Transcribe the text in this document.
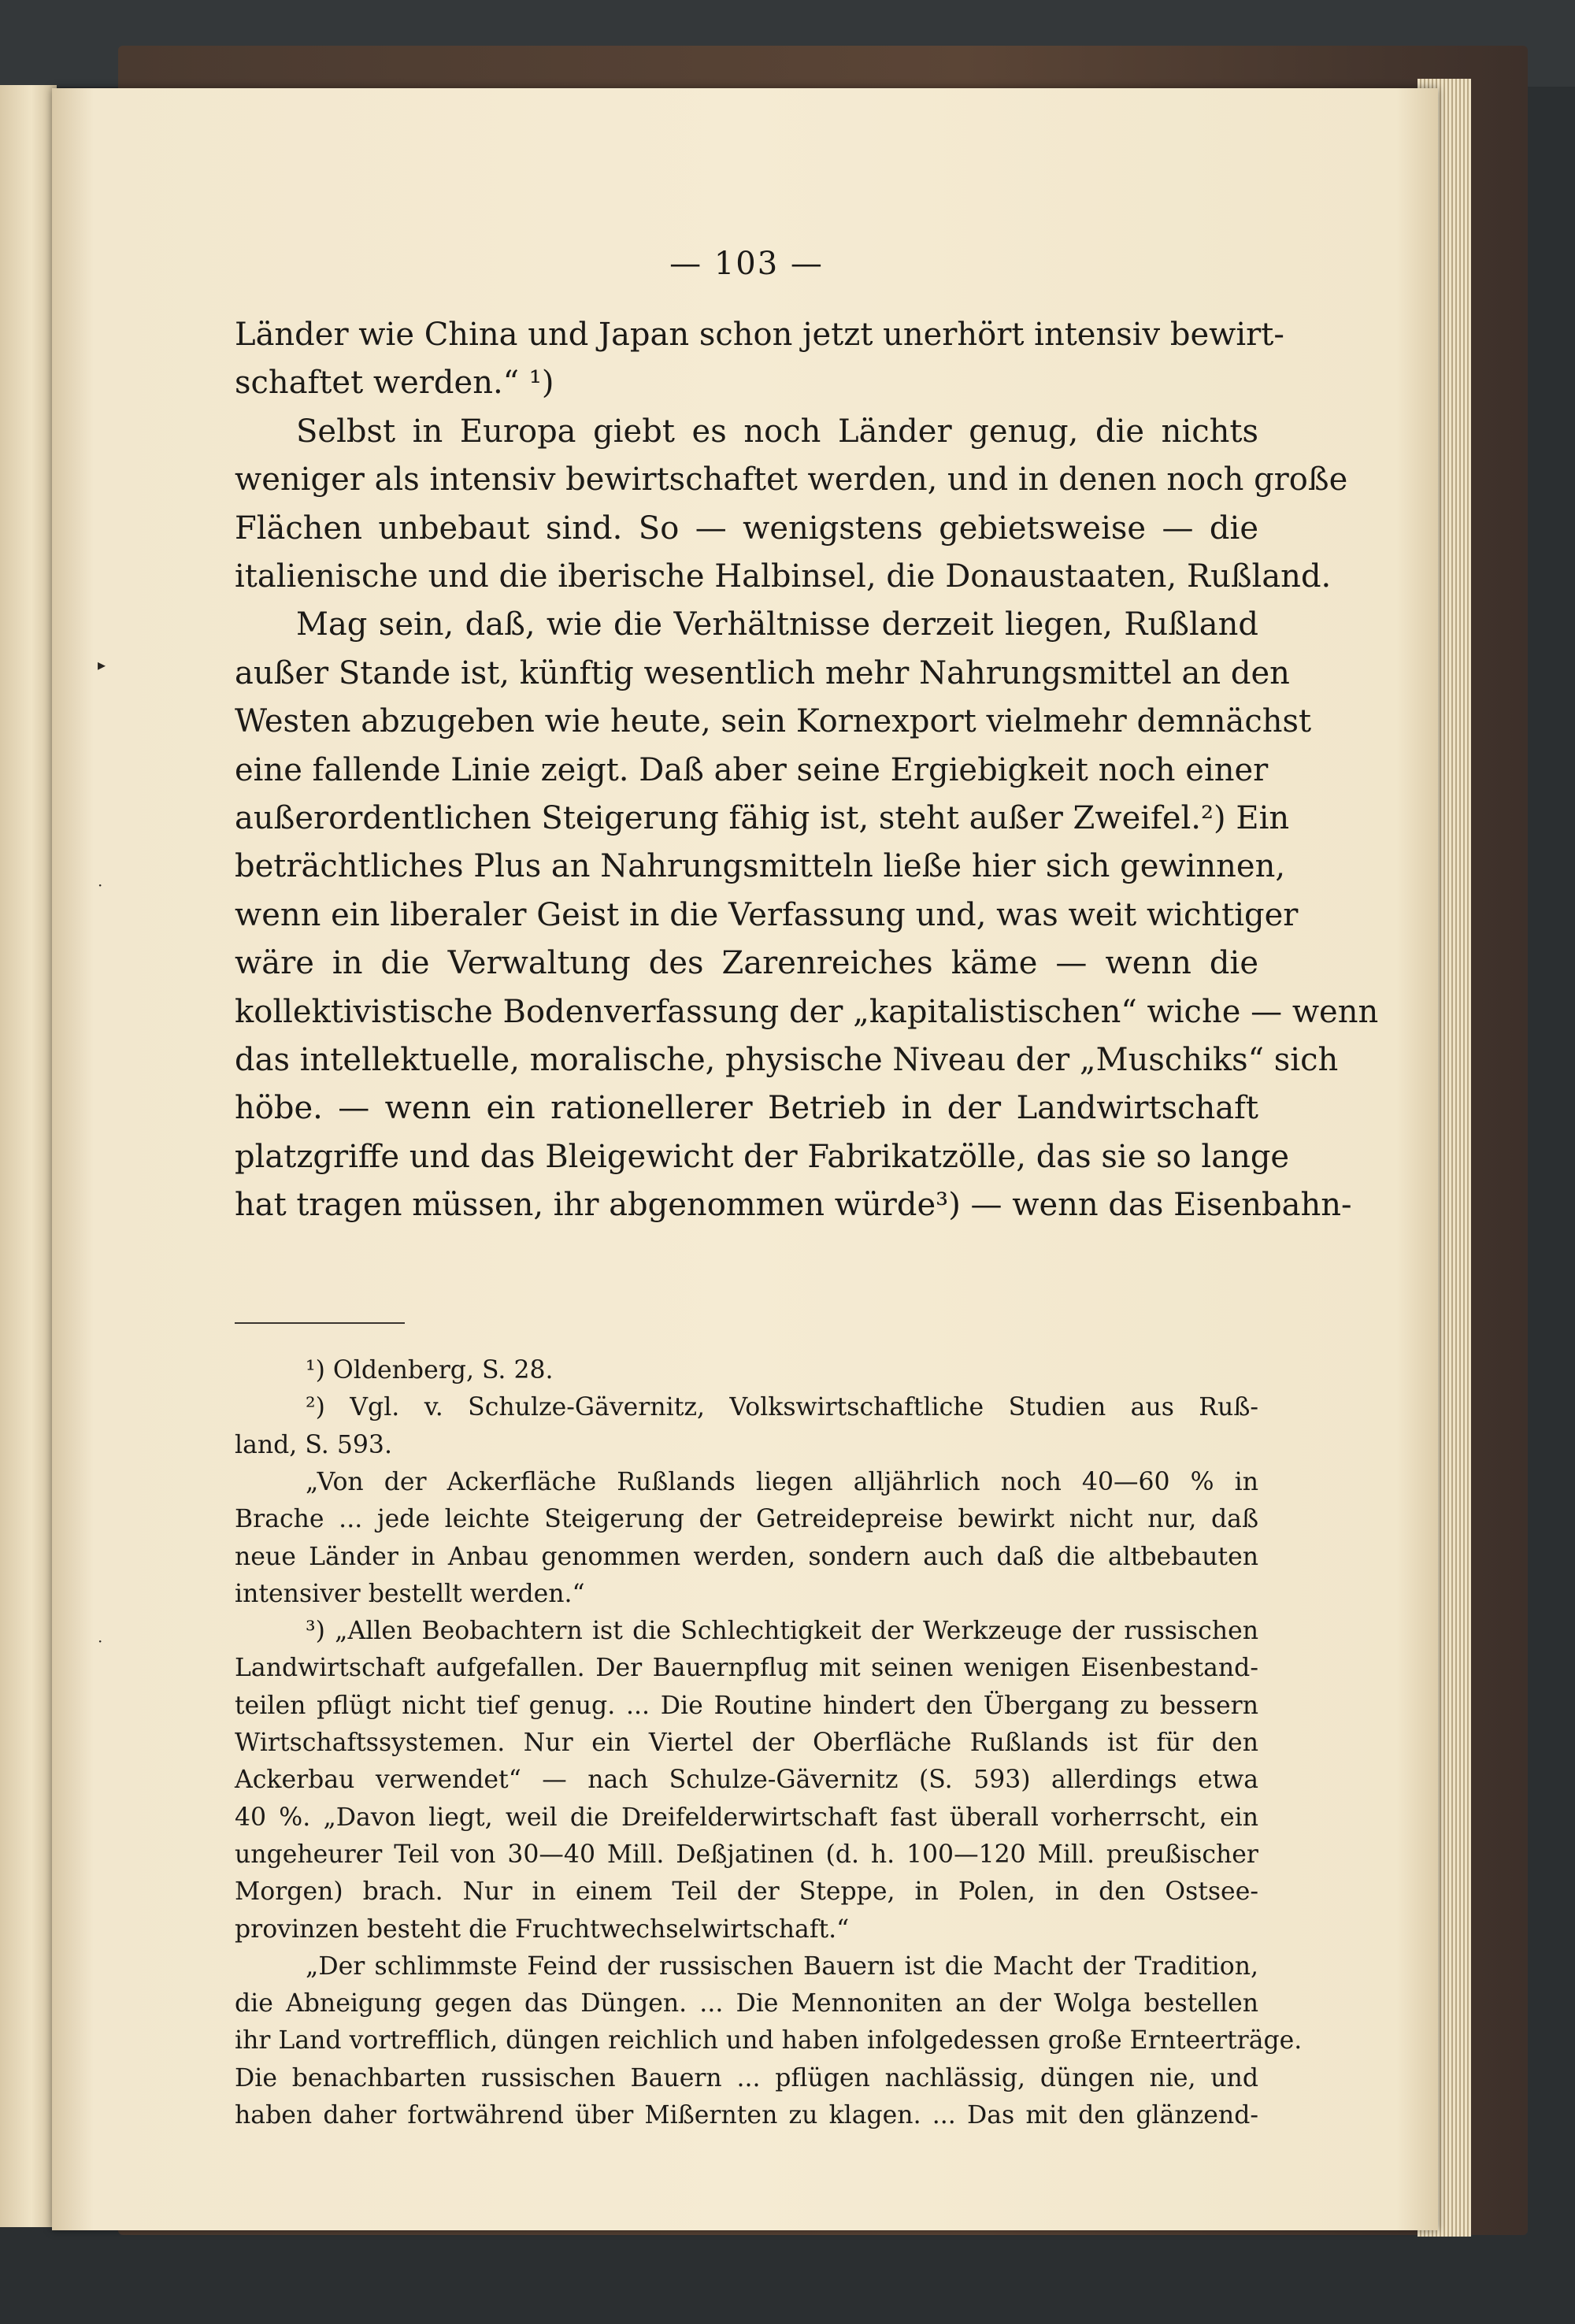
▸
·
·
— 103 —
Länder wie China und Japan schon jetzt unerhört intensiv bewirt-
schaftet werden.“ ¹)
Selbst in Europa giebt es noch Länder genug, die nichts
weniger als intensiv bewirtschaftet werden, und in denen noch große
Flächen unbebaut sind. So — wenigstens gebietsweise — die
italienische und die iberische Halbinsel, die Donaustaaten, Rußland.
Mag sein, daß, wie die Verhältnisse derzeit liegen, Rußland
außer Stande ist, künftig wesentlich mehr Nahrungsmittel an den
Westen abzugeben wie heute, sein Kornexport vielmehr demnächst
eine fallende Linie zeigt. Daß aber seine Ergiebigkeit noch einer
außerordentlichen Steigerung fähig ist, steht außer Zweifel.²) Ein
beträchtliches Plus an Nahrungsmitteln ließe hier sich gewinnen,
wenn ein liberaler Geist in die Verfassung und, was weit wichtiger
wäre in die Verwaltung des Zarenreiches käme — wenn die
kollektivistische Bodenverfassung der „kapitalistischen“ wiche — wenn
das intellektuelle, moralische, physische Niveau der „Muschiks“ sich
höbe. — wenn ein rationellerer Betrieb in der Landwirtschaft
platzgriffe und das Bleigewicht der Fabrikatzölle, das sie so lange
hat tragen müssen, ihr abgenommen würde³) — wenn das Eisenbahn-
¹) Oldenberg, S. 28.
²) Vgl. v. Schulze-Gävernitz, Volkswirtschaftliche Studien aus Ruß-
land, S. 593.
„Von der Ackerfläche Rußlands liegen alljährlich noch 40—60 % in
Brache ... jede leichte Steigerung der Getreidepreise bewirkt nicht nur, daß
neue Länder in Anbau genommen werden, sondern auch daß die altbebauten
intensiver bestellt werden.“
³) „Allen Beobachtern ist die Schlechtigkeit der Werkzeuge der russischen
Landwirtschaft aufgefallen. Der Bauernpflug mit seinen wenigen Eisenbestand-
teilen pflügt nicht tief genug. ... Die Routine hindert den Übergang zu bessern
Wirtschaftssystemen. Nur ein Viertel der Oberfläche Rußlands ist für den
Ackerbau verwendet“ — nach Schulze-Gävernitz (S. 593) allerdings etwa
40 %. „Davon liegt, weil die Dreifelderwirtschaft fast überall vorherrscht, ein
ungeheurer Teil von 30—40 Mill. Deßjatinen (d. h. 100—120 Mill. preußischer
Morgen) brach. Nur in einem Teil der Steppe, in Polen, in den Ostsee-
provinzen besteht die Fruchtwechselwirtschaft.“
„Der schlimmste Feind der russischen Bauern ist die Macht der Tradition,
die Abneigung gegen das Düngen. ... Die Mennoniten an der Wolga bestellen
ihr Land vortrefflich, düngen reichlich und haben infolgedessen große Ernteerträge.
Die benachbarten russischen Bauern ... pflügen nachlässig, düngen nie, und
haben daher fortwährend über Mißernten zu klagen. ... Das mit den glänzend-
